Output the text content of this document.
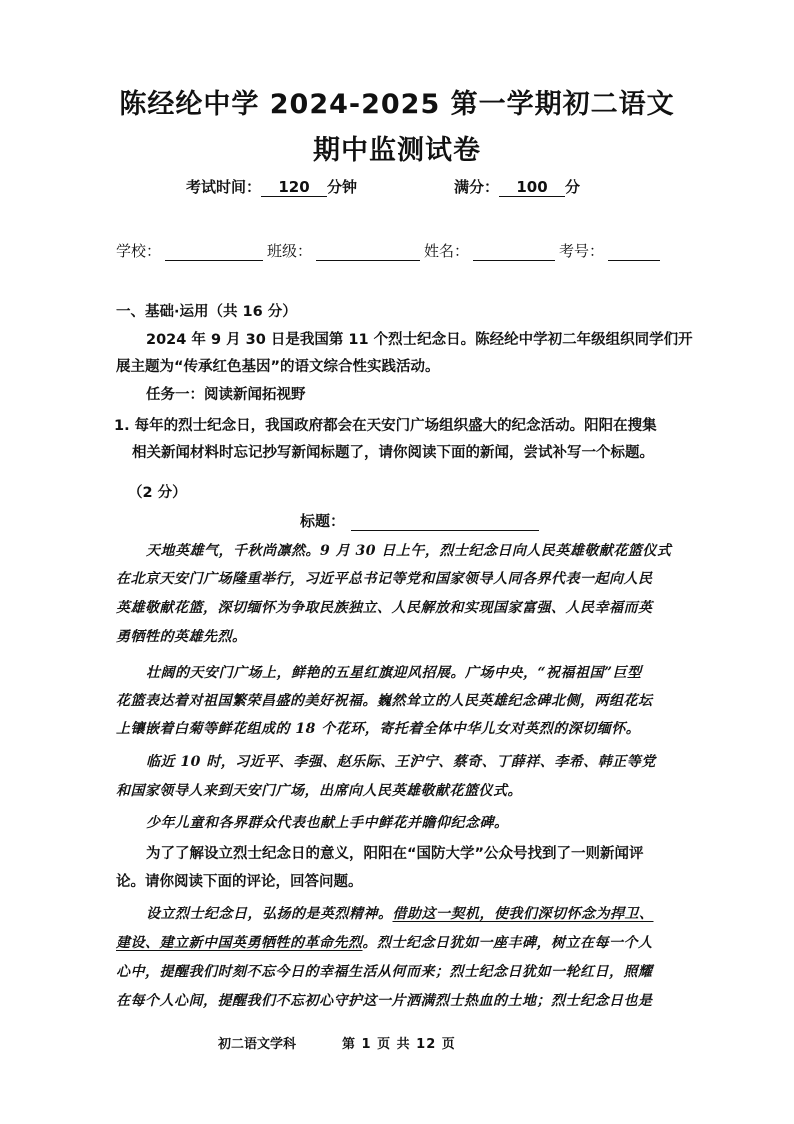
陈经纶中学 2024-2025 第一学期初二语文
期中监测试卷
考试时间： 120 分钟	满分： 100 分
学校：	班级：	姓名：	考号：
一、基础·运用（共 16 分）
2024 年 9 月 30 日是我国第 11 个烈士纪念日。陈经纶中学初二年级组织同学们开
展主题为“传承红色基因”的语文综合性实践活动。
任务一：阅读新闻拓视野
1. 每年的烈士纪念日，我国政府都会在天安门广场组织盛大的纪念活动。阳阳在搜集
相关新闻材料时忘记抄写新闻标题了，请你阅读下面的新闻，尝试补写一个标题。
（2 分）
标题：
天地英雄气，千秋尚凛然。9 月 30 日上午，烈士纪念日向人民英雄敬献花篮仪式
在北京天安门广场隆重举行，习近平总书记等党和国家领导人同各界代表一起向人民
英雄敬献花篮，深切缅怀为争取民族独立、人民解放和实现国家富强、人民幸福而英
勇牺牲的英雄先烈。
壮阔的天安门广场上，鲜艳的五星红旗迎风招展。广场中央，“祝福祖国”巨型
花篮表达着对祖国繁荣昌盛的美好祝福。巍然耸立的人民英雄纪念碑北侧，两组花坛
上镶嵌着白菊等鲜花组成的 18 个花环，寄托着全体中华儿女对英烈的深切缅怀。
临近 10 时，习近平、李强、赵乐际、王沪宁、蔡奇、丁薛祥、李希、韩正等党
和国家领导人来到天安门广场，出席向人民英雄敬献花篮仪式。
少年儿童和各界群众代表也献上手中鲜花并瞻仰纪念碑。
为了了解设立烈士纪念日的意义，阳阳在“国防大学”公众号找到了一则新闻评
论。请你阅读下面的评论，回答问题。
设立烈士纪念日，弘扬的是英烈精神。借助这一契机，使我们深切怀念为捍卫、
建设、建立新中国英勇牺牲的革命先烈。烈士纪念日犹如一座丰碑，树立在每一个人
心中，提醒我们时刻不忘今日的幸福生活从何而来；烈士纪念日犹如一轮红日，照耀
在每个人心间，提醒我们不忘初心守护这一片洒满烈士热血的土地；烈士纪念日也是
初二语文学科	第 1 页 共 12 页
